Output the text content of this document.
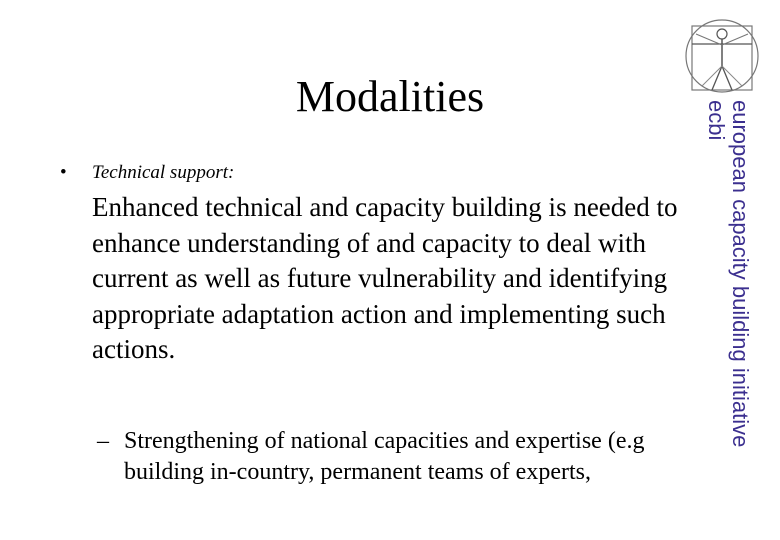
Modalities
• Technical support:

Enhanced technical and capacity building is needed to enhance understanding of and capacity to deal with current as well as future vulnerability and identifying appropriate adaptation action and implementing such actions.

– Strengthening of national capacities and expertise (e.g building in-country, permanent teams of experts,
european capacity building initiative
ecbi
